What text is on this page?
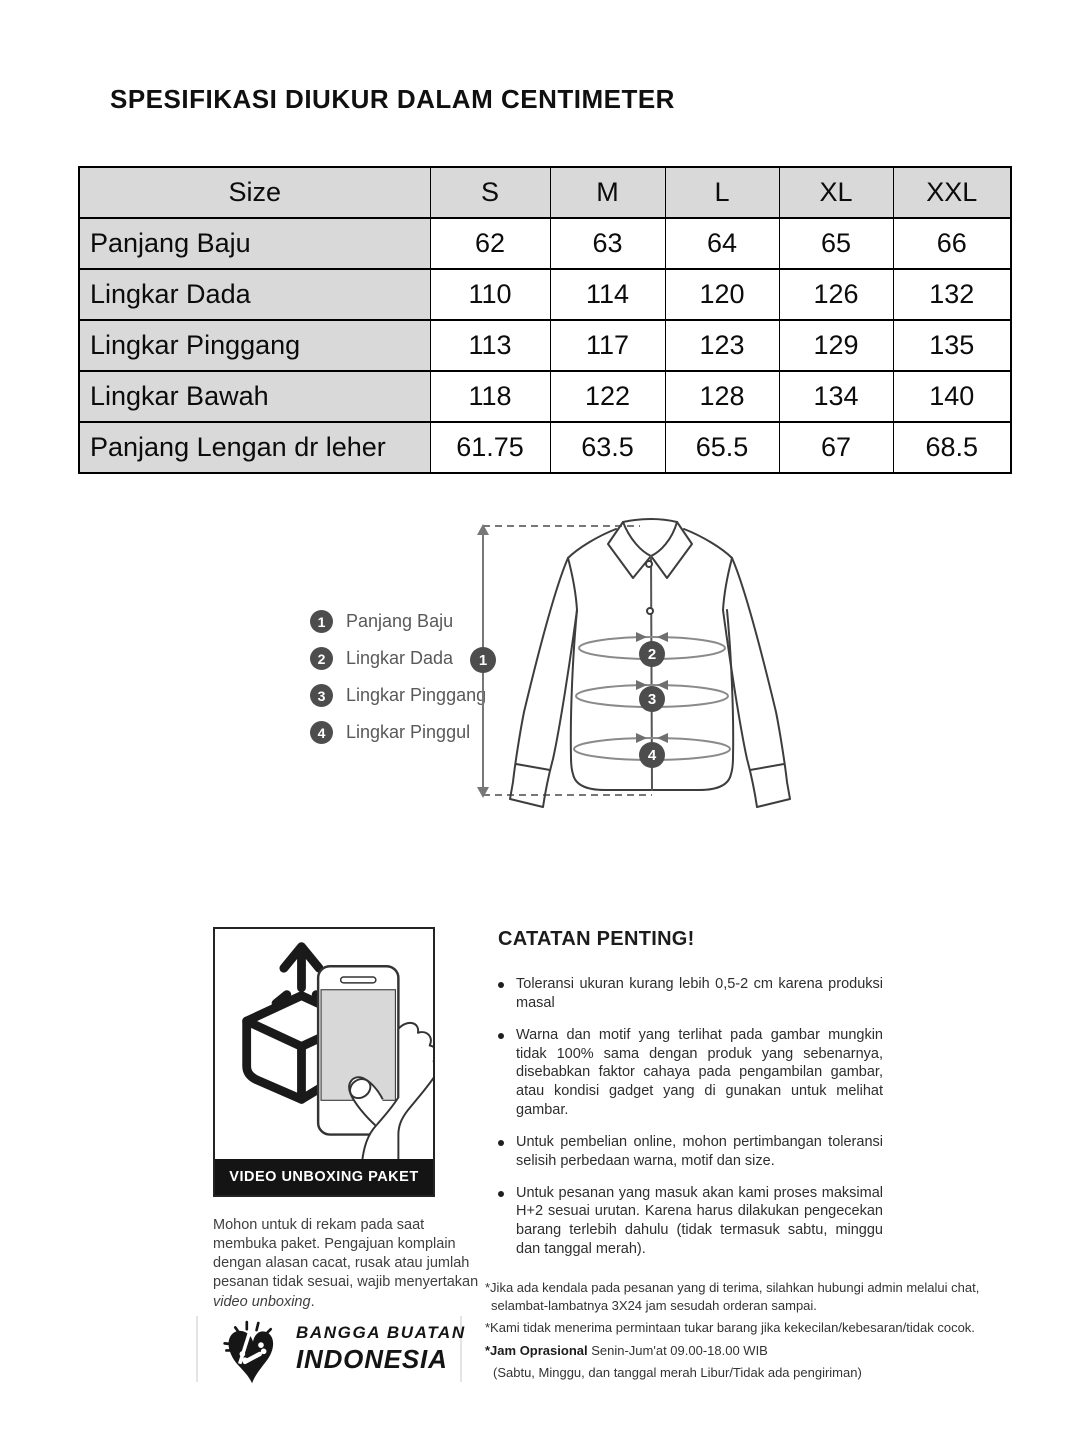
SPESIFIKASI DIUKUR DALAM CENTIMETER
Size	S	M	L	XL	XXL
Panjang Baju	62	63	64	65	66
Lingkar Dada	110	114	120	126	132
Lingkar Pinggang	113	117	123	129	135
Lingkar Bawah	118	122	128	134	140
Panjang Lengan dr leher	61.75	63.5	65.5	67	68.5
1	Panjang Baju
2	Lingkar Dada
3	Lingkar Pinggang
4	Lingkar Pinggul
1	2
3
4
VIDEO UNBOXING PAKET
Mohon untuk di rekam pada saat membuka paket. Pengajuan komplain dengan alasan cacat, rusak atau jumlah pesanan tidak sesuai, wajib menyertakan video unboxing.
CATATAN PENTING!
Toleransi ukuran kurang lebih 0,5-2 cm karena produksi masal
Warna dan motif yang terlihat pada gambar mungkin tidak 100% sama dengan produk yang sebenarnya, disebabkan faktor cahaya pada pengambilan gambar, atau kondisi gadget yang di gunakan untuk melihat gambar.
Untuk pembelian online, mohon pertimbangan toleransi selisih perbedaan warna, motif dan size.
Untuk pesanan yang masuk akan kami proses maksimal H+2 sesuai urutan. Karena harus dilakukan pengecekan barang terlebih dahulu (tidak termasuk sabtu, minggu dan tanggal merah).
*Jika ada kendala pada pesanan yang di terima, silahkan hubungi admin melalui chat, selambat-lambatnya 3X24 jam sesudah orderan sampai.
*Kami tidak menerima permintaan tukar barang jika kekecilan/kebesaran/tidak cocok.
*Jam Oprasional Senin-Jum'at 09.00-18.00 WIB
(Sabtu, Minggu, dan tanggal merah Libur/Tidak ada pengiriman)
BANGGA BUATAN
INDONESIA
